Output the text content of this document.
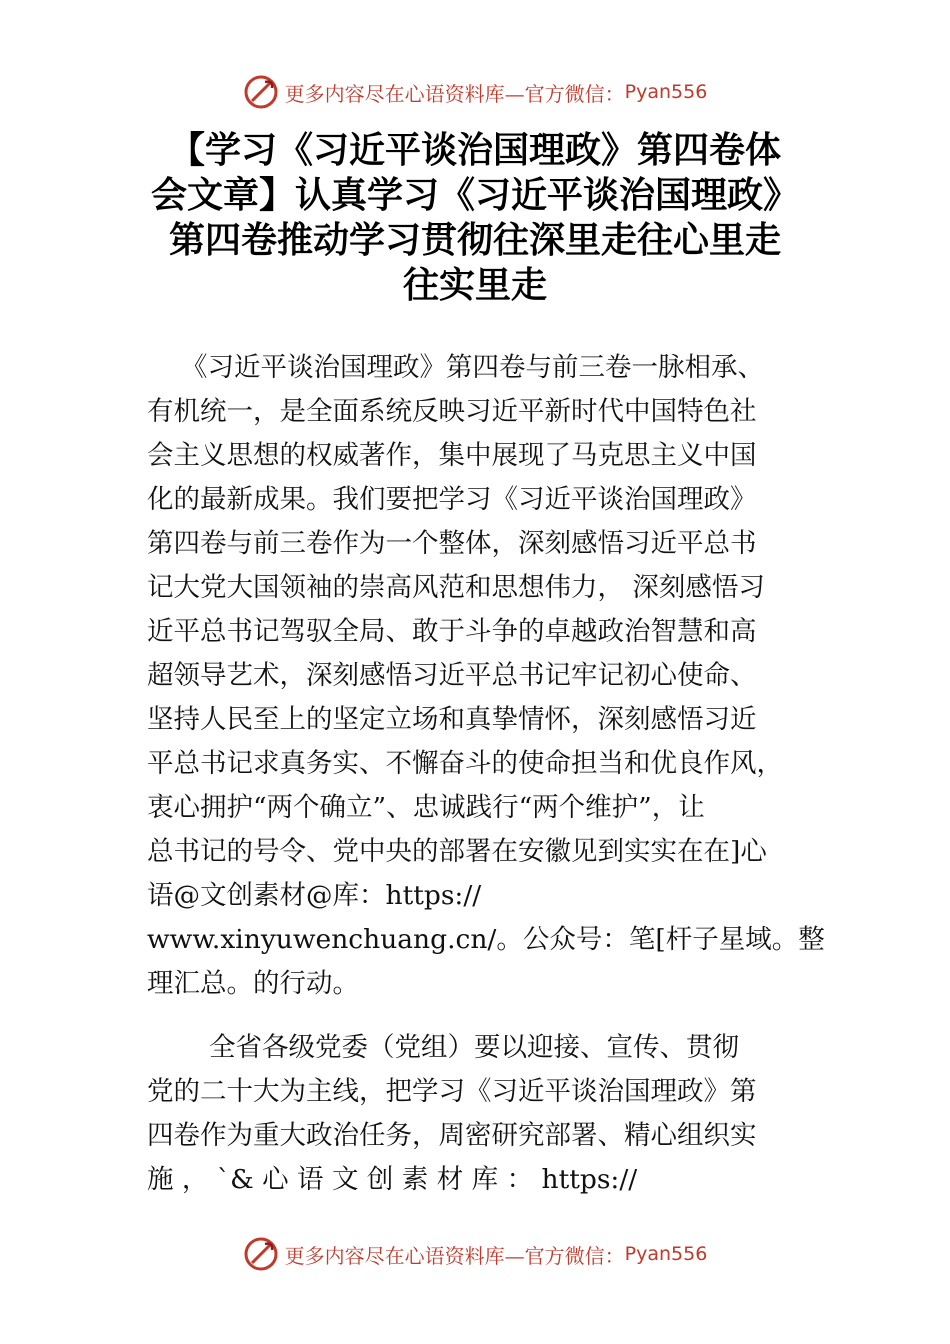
更多内容尽在心语资料库—官方微信： Pyan556
【学习《习近平谈治国理政》第四卷体
会文章】认真学习《习近平谈治国理政》
第四卷推动学习贯彻往深里走往心里走
往实里走
《习近平谈治国理政》第四卷与前三卷一脉相承、
有机统一，是全面系统反映习近平新时代中国特色社
会主义思想的权威著作，集中展现了马克思主义中国
化的最新成果。我们要把学习《习近平谈治国理政》
第四卷与前三卷作为一个整体，深刻感悟习近平总书
记大党大国领袖的崇高风范和思想伟力， 深刻感悟习
近平总书记驾驭全局、敢于斗争的卓越政治智慧和高
超领导艺术，深刻感悟习近平总书记牢记初心使命、
坚持人民至上的坚定立场和真挚情怀，深刻感悟习近
平总书记求真务实、不懈奋斗的使命担当和优良作风，
衷心拥护“两个确立”、忠诚践行“两个维护”，让
总书记的号令、党中央的部署在安徽见到实实在在]心
语@文创素材@库：https://
www.xinyuwenchuang.cn/。公众号：笔[杆子星域。整
理汇总。的行动。
全省各级党委（党组）要以迎接、宣传、贯彻
党的二十大为主线，把学习《习近平谈治国理政》第
四卷作为重大政治任务，周密研究部署、精心组织实
施 ， `& 心 语 文 创 素 材 库 ： https://
更多内容尽在心语资料库—官方微信： Pyan556
